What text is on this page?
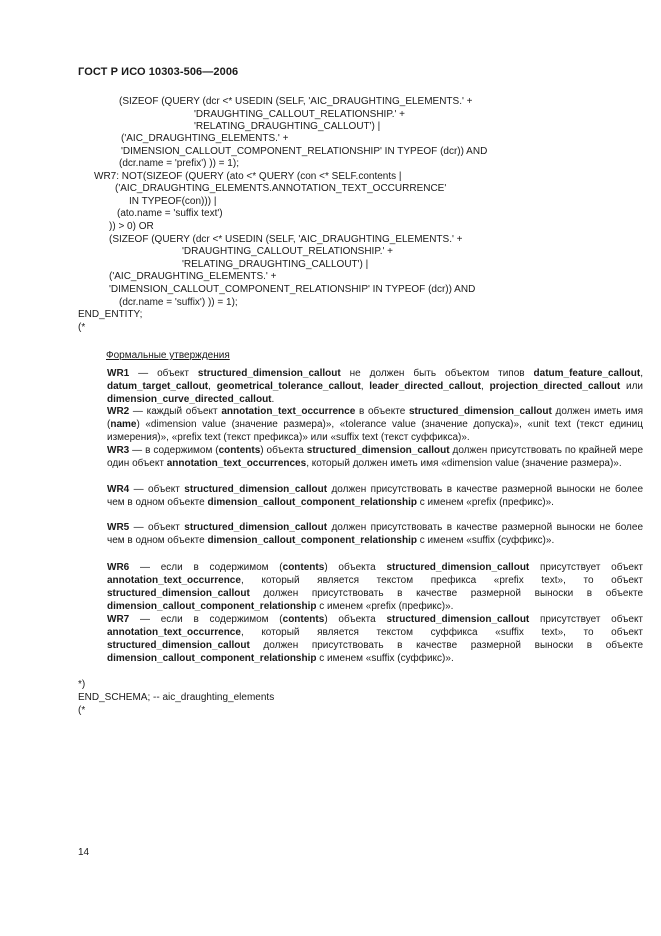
ГОСТ Р ИСО 10303-506—2006
(SIZEOF (QUERY (dcr <* USEDIN (SELF, 'AIC_DRAUGHTING_ELEMENTS.' +
'DRAUGHTING_CALLOUT_RELATIONSHIP.' +
'RELATING_DRAUGHTING_CALLOUT') |
('AIC_DRAUGHTING_ELEMENTS.' +
'DIMENSION_CALLOUT_COMPONENT_RELATIONSHIP' IN TYPEOF (dcr)) AND
(dcr.name = 'prefix') )) = 1);
WR7: NOT(SIZEOF (QUERY (ato <* QUERY (con <* SELF.contents |
('AIC_DRAUGHTING_ELEMENTS.ANNOTATION_TEXT_OCCURRENCE'
IN TYPEOF(con))) |
(ato.name = 'suffix text')
)) > 0) OR
(SIZEOF (QUERY (dcr <* USEDIN (SELF, 'AIC_DRAUGHTING_ELEMENTS.' +
'DRAUGHTING_CALLOUT_RELATIONSHIP.' +
'RELATING_DRAUGHTING_CALLOUT') |
('AIC_DRAUGHTING_ELEMENTS.' +
'DIMENSION_CALLOUT_COMPONENT_RELATIONSHIP' IN TYPEOF (dcr)) AND
(dcr.name = 'suffix') )) = 1);
END_ENTITY;
(*
Формальные утверждения
WR1 — объект structured_dimension_callout не должен быть объектом типов datum_feature_callout, datum_target_callout, geometrical_tolerance_callout, leader_directed_callout, projection_directed_callout или dimension_curve_directed_callout.
WR2 — каждый объект annotation_text_occurrence в объекте structured_dimension_callout должен иметь имя (name) «dimension value (значение размера)», «tolerance value (значение допуска)», «unit text (текст единиц измерения)», «prefix text (текст префикса)» или «suffix text (текст суффикса)».
WR3 — в содержимом (contents) объекта structured_dimension_callout должен присутствовать по крайней мере один объект annotation_text_occurrences, который должен иметь имя «dimension value (значение размера)».
WR4 — объект structured_dimension_callout должен присутствовать в качестве размерной выноски не более чем в одном объекте dimension_callout_component_relationship с именем «prefix (префикс)».
WR5 — объект structured_dimension_callout должен присутствовать в качестве размерной выноски не более чем в одном объекте dimension_callout_component_relationship с именем «suffix (суффикс)».
WR6 — если в содержимом (contents) объекта structured_dimension_callout присутствует объект annotation_text_occurrence, который является текстом префикса «prefix text», то объект structured_dimension_callout должен присутствовать в качестве размерной выноски в объекте dimension_callout_component_relationship с именем «prefix (префикс)».
WR7 — если в содержимом (contents) объекта structured_dimension_callout присутствует объект annotation_text_occurrence, который является текстом суффикса «suffix text», то объект structured_dimension_callout должен присутствовать в качестве размерной выноски в объекте dimension_callout_component_relationship с именем «suffix (суффикс)».
*)
END_SCHEMA; -- aic_draughting_elements
(*
14
